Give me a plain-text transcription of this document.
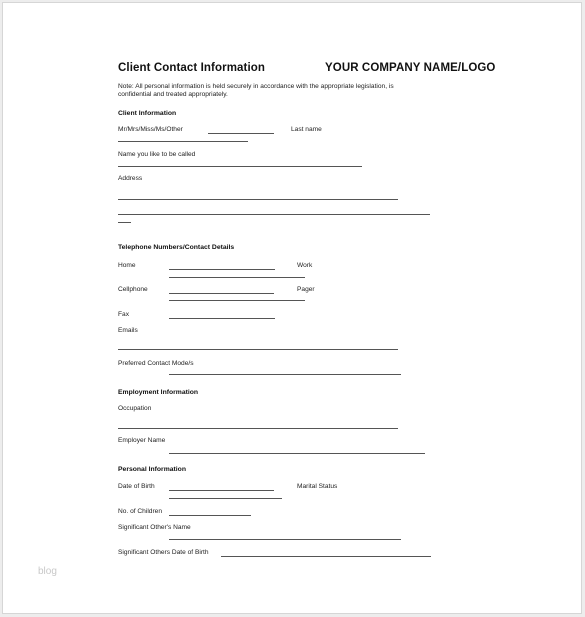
Client Contact Information	YOUR COMPANY NAME/LOGO
Note: All personal information is held securely in accordance with the appropriate legislation, is
confidential and treated appropriately.
Client Information
Mr/Mrs/Miss/Ms/Other	Last name
Name you like to be called
Address
Telephone Numbers/Contact Details
Home	Work
Cellphone	Pager
Fax
Emails
Preferred Contact Mode/s
Employment Information
Occupation
Employer Name
Personal Information
Date of Birth	Marital Status
No. of Children
Significant Other's Name
Significant Others Date of Birth
blog
